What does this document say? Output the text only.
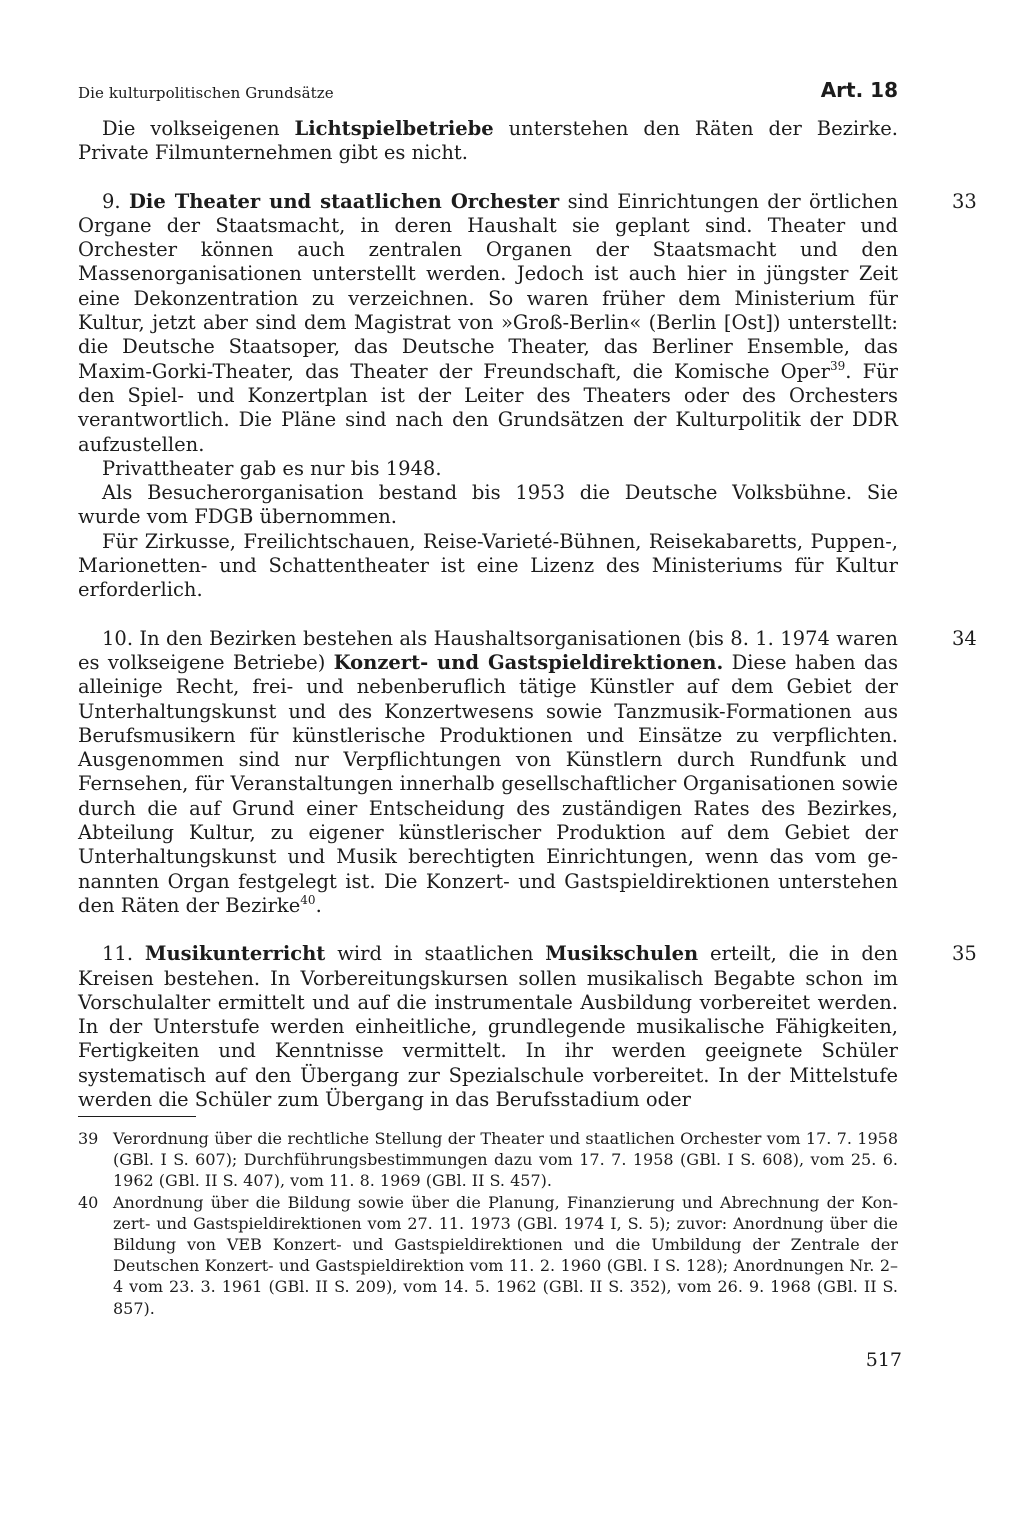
Die kulturpolitischen Grundsätze	Art. 18

Die volkseigenen Lichtspielbetriebe unterstehen den Räten der Bezirke. Private Filmunternehmen gibt es nicht.

33
9. Die Theater und staatlichen Orchester sind Einrichtungen der örtlichen Organe der Staatsmacht, in deren Haushalt sie geplant sind. Theater und Orchester können auch zentralen Organen der Staatsmacht und den Massenorganisationen unterstellt werden. Jedoch ist auch hier in jüngster Zeit eine Dekonzentration zu verzeichnen. So waren früher dem Ministerium für Kultur, jetzt aber sind dem Magistrat von »Groß-Berlin« (Berlin [Ost]) unterstellt: die Deutsche Staatsoper, das Deutsche Theater, das Berliner Ensemble, das Maxim-Gorki-Theater, das Theater der Freundschaft, die Komische Oper$^{39}$. Für den Spiel- und Konzertplan ist der Leiter des Theaters oder des Orchesters verantwortlich. Die Pläne sind nach den Grundsätzen der Kulturpolitik der DDR aufzustellen.

Privattheater gab es nur bis 1948.

Als Besucherorganisation bestand bis 1953 die Deutsche Volksbühne. Sie wurde vom FDGB übernommen.

Für Zirkusse, Freilichtschauen, Reise-Varieté-Bühnen, Reisekabaretts, Puppen-, Marionetten- und Schattentheater ist eine Lizenz des Ministeriums für Kultur erforderlich.

34
10. In den Bezirken bestehen als Haushaltsorganisationen (bis 8. 1. 1974 waren es volkseigene Betriebe) Konzert- und Gastspieldirektionen. Diese haben das alleinige Recht, frei- und nebenberuflich tätige Künstler auf dem Gebiet der Unterhaltungskunst und des Konzertwesens sowie Tanzmusik-Formationen aus Berufsmusikern für künstlerische Produktionen und Einsätze zu verpflichten. Ausgenommen sind nur Verpflichtungen von Künstlern durch Rundfunk und Fernsehen, für Veranstaltungen innerhalb gesellschaftlicher Organisationen sowie durch die auf Grund einer Entscheidung des zuständigen Rates des Bezirkes, Abteilung Kultur, zu eigener künstlerischer Produktion auf dem Gebiet der Unterhaltungskunst und Musik berechtigten Einrichtungen, wenn das vom genannten Organ festgelegt ist. Die Konzert- und Gastspieldirektionen unterstehen den Räten der Bezirke$^{40}$.

35
11. Musikunterricht wird in staatlichen Musikschulen erteilt, die in den Kreisen bestehen. In Vorbereitungskursen sollen musikalisch Begabte schon im Vorschulalter ermittelt und auf die instrumentale Ausbildung vorbereitet werden. In der Unterstufe werden einheitliche, grundlegende musikalische Fähigkeiten, Fertigkeiten und Kenntnisse vermittelt. In ihr werden geeignete Schüler systematisch auf den Übergang zur Spezialschule vorbereitet. In der Mittelstufe werden die Schüler zum Übergang in das Berufsstadium oder

39 Verordnung über die rechtliche Stellung der Theater und staatlichen Orchester vom 17. 7. 1958 (GBl. I S. 607); Durchführungsbestimmungen dazu vom 17. 7. 1958 (GBl. I S. 608), vom 25. 6. 1962 (GBl. II S. 407), vom 11. 8. 1969 (GBl. II S. 457).
40 Anordnung über die Bildung sowie über die Planung, Finanzierung und Abrechnung der Konzert- und Gastspieldirektionen vom 27. 11. 1973 (GBl. 1974 I, S. 5); zuvor: Anordnung über die Bildung von VEB Konzert- und Gastspieldirektionen und die Umbildung der Zentrale der Deutschen Konzert- und Gastspieldirektion vom 11. 2. 1960 (GBl. I S. 128); Anordnungen Nr. 2–4 vom 23. 3. 1961 (GBl. II S. 209), vom 14. 5. 1962 (GBl. II S. 352), vom 26. 9. 1968 (GBl. II S. 857).
517
